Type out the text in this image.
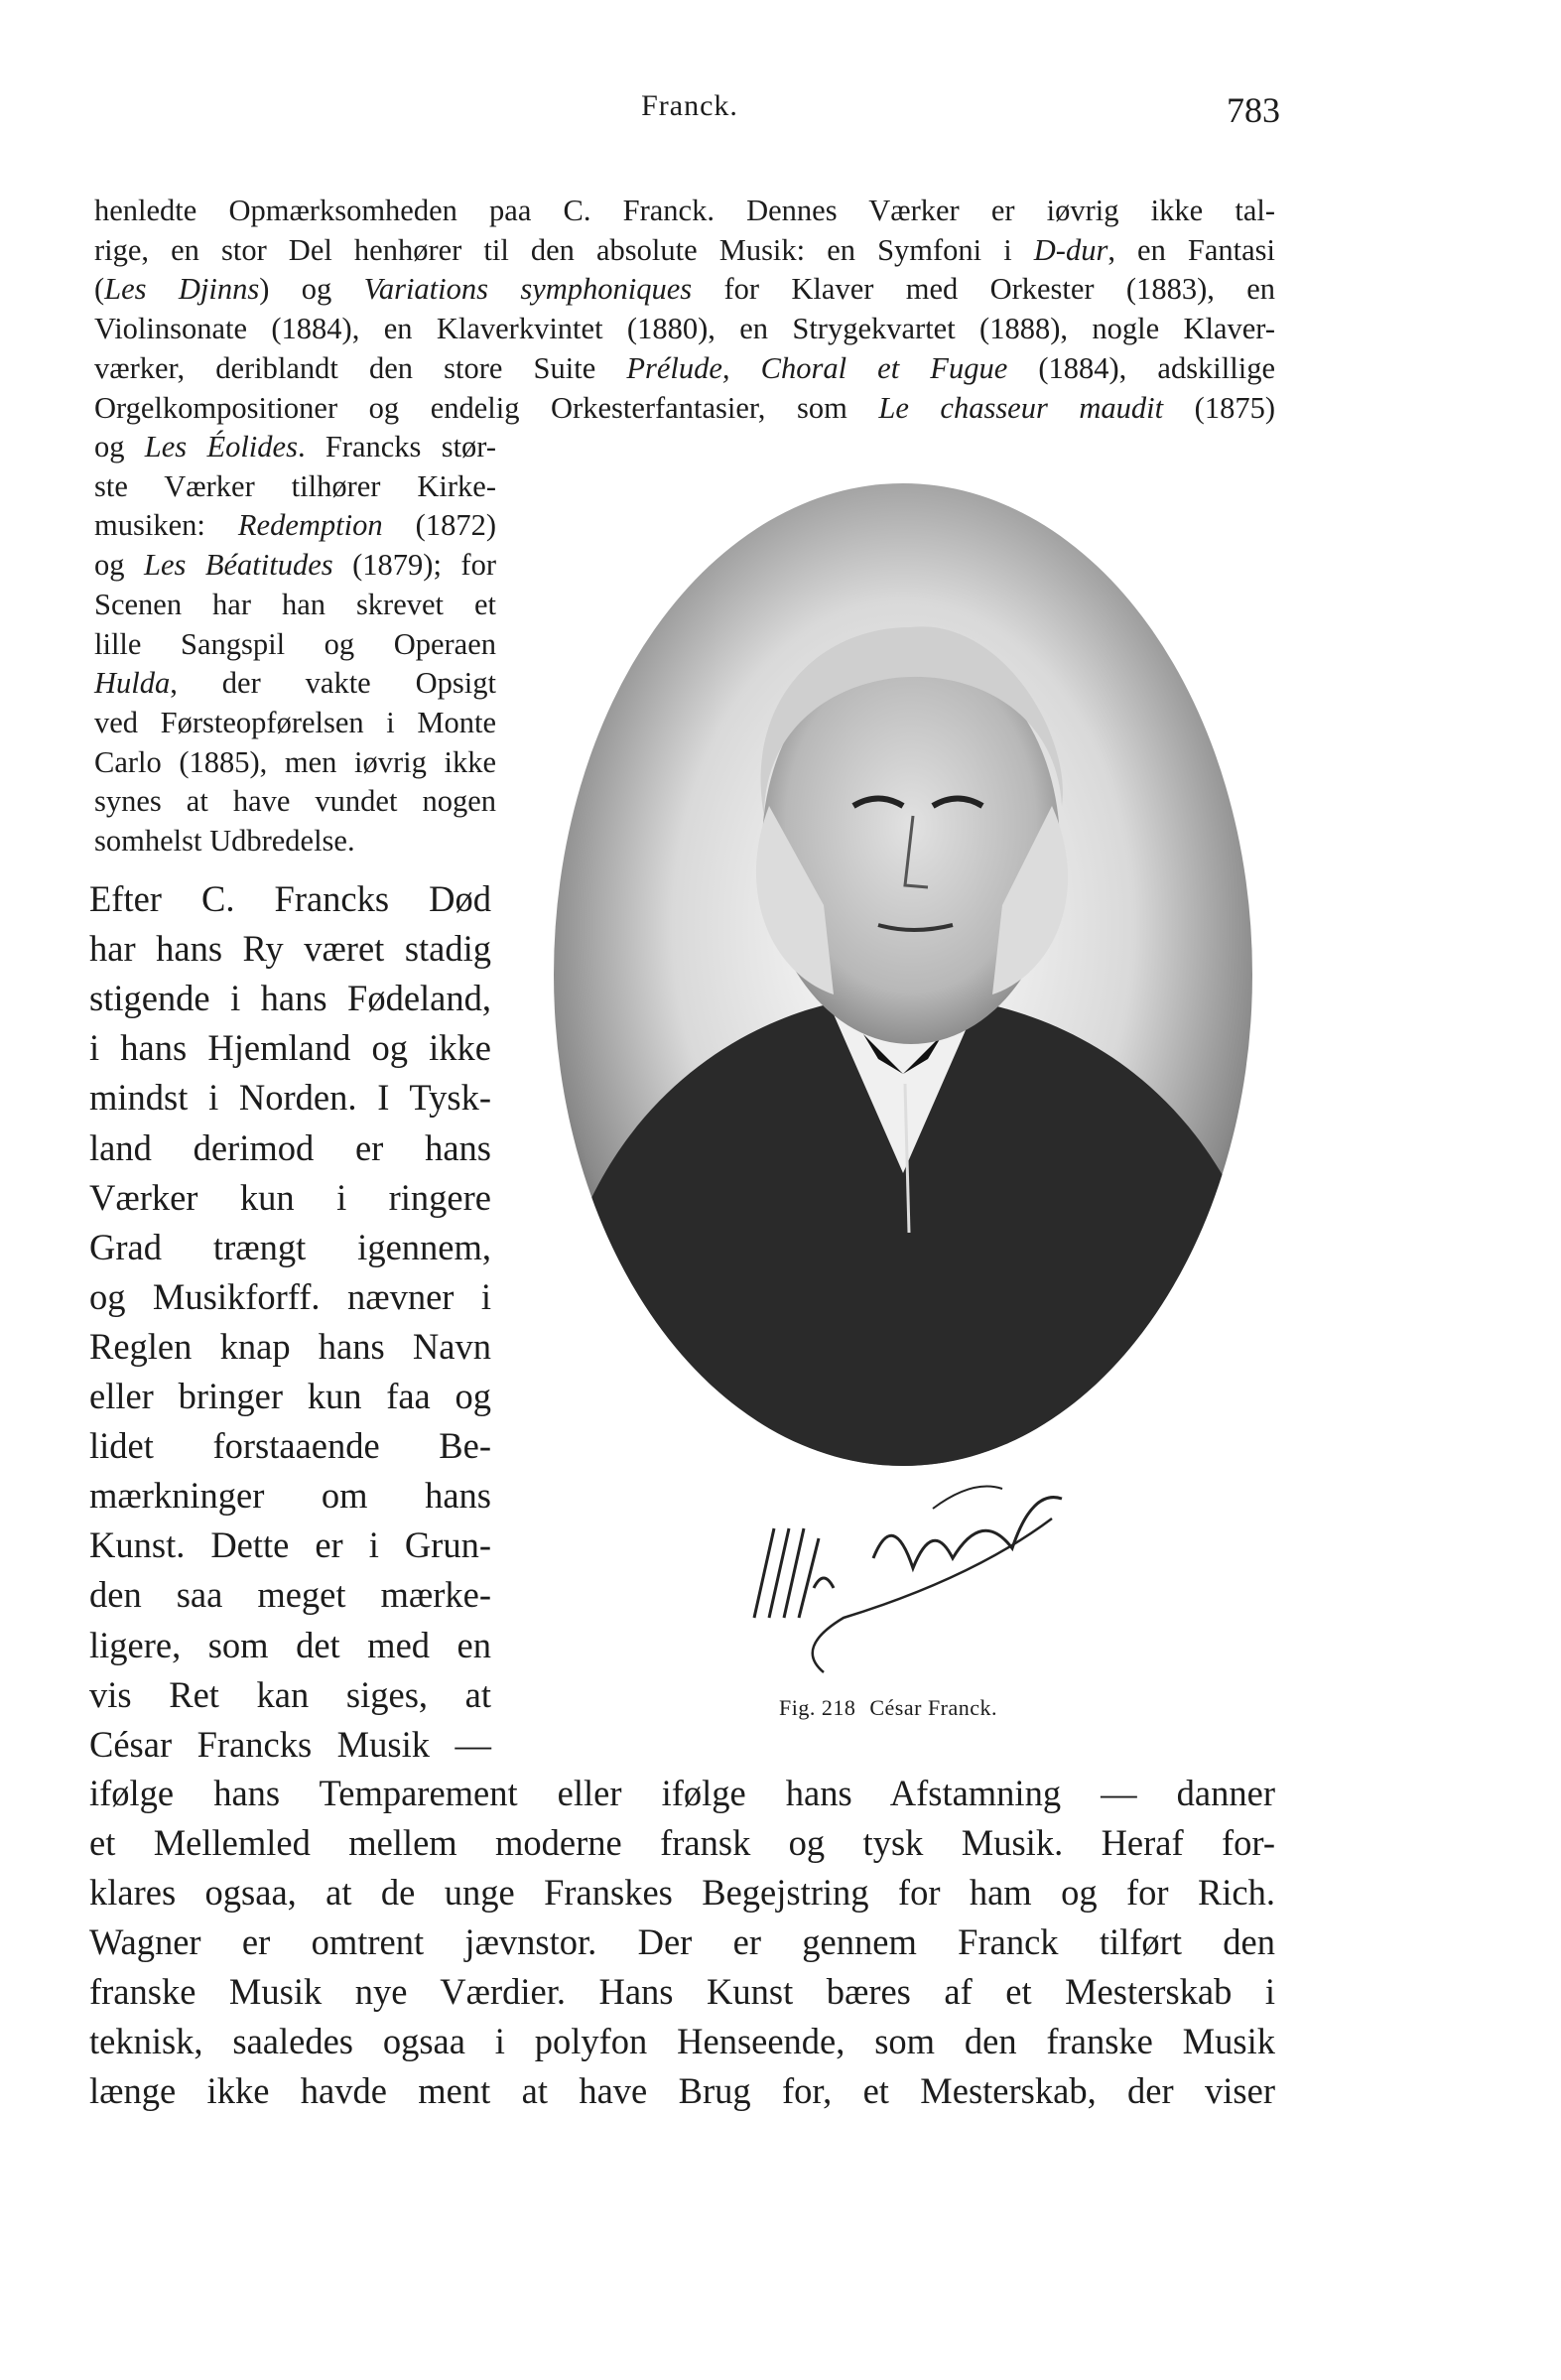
Franck.	783
henledte Opmærksomheden paa C. Franck. Dennes Værker er iøvrig ikke tal-
rige, en stor Del henhører til den absolute Musik: en Symfoni i D-dur, en Fantasi
(Les Djinns) og Variations symphoniques for Klaver med Orkester (1883), en
Violinsonate (1884), en Klaverkvintet (1880), en Strygekvartet (1888), nogle Klaver-
værker, deriblandt den store Suite Prélude, Choral et Fugue (1884), adskillige
Orgelkompositioner og endelig Orkesterfantasier, som Le chasseur maudit (1875)
og Les Éolides. Francks stør-
ste Værker tilhører Kirke-
musiken: Redemption (1872)
og Les Béatitudes (1879); for
Scenen har han skrevet et
lille Sangspil og Operaen
Hulda, der vakte Opsigt
ved Førsteopførelsen i Monte
Carlo (1885), men iøvrig ikke
synes at have vundet nogen
somhelst Udbredelse.
Efter C. Francks Død
har hans Ry været stadig
stigende i hans Fødeland,
i hans Hjemland og ikke
mindst i Norden. I Tysk-
land derimod er hans
Værker kun i ringere
Grad trængt igennem,
og Musikforff. nævner i
Reglen knap hans Navn
eller bringer kun faa og
lidet forstaaende Be-
mærkninger om hans
Kunst. Dette er i Grun-
den saa meget mærke-
ligere, som det med en
vis Ret kan siges, at
César Francks Musik —
ifølge hans Temparement eller ifølge hans Afstamning — danner
et Mellemled mellem moderne fransk og tysk Musik. Heraf for-
klares ogsaa, at de unge Franskes Begejstring for ham og for Rich.
Wagner er omtrent jævnstor. Der er gennem Franck tilført den
franske Musik nye Værdier. Hans Kunst bæres af et Mesterskab i
teknisk, saaledes ogsaa i polyfon Henseende, som den franske Musik
længe ikke havde ment at have Brug for, et Mesterskab, der viser
Fig. 218 César Franck.
